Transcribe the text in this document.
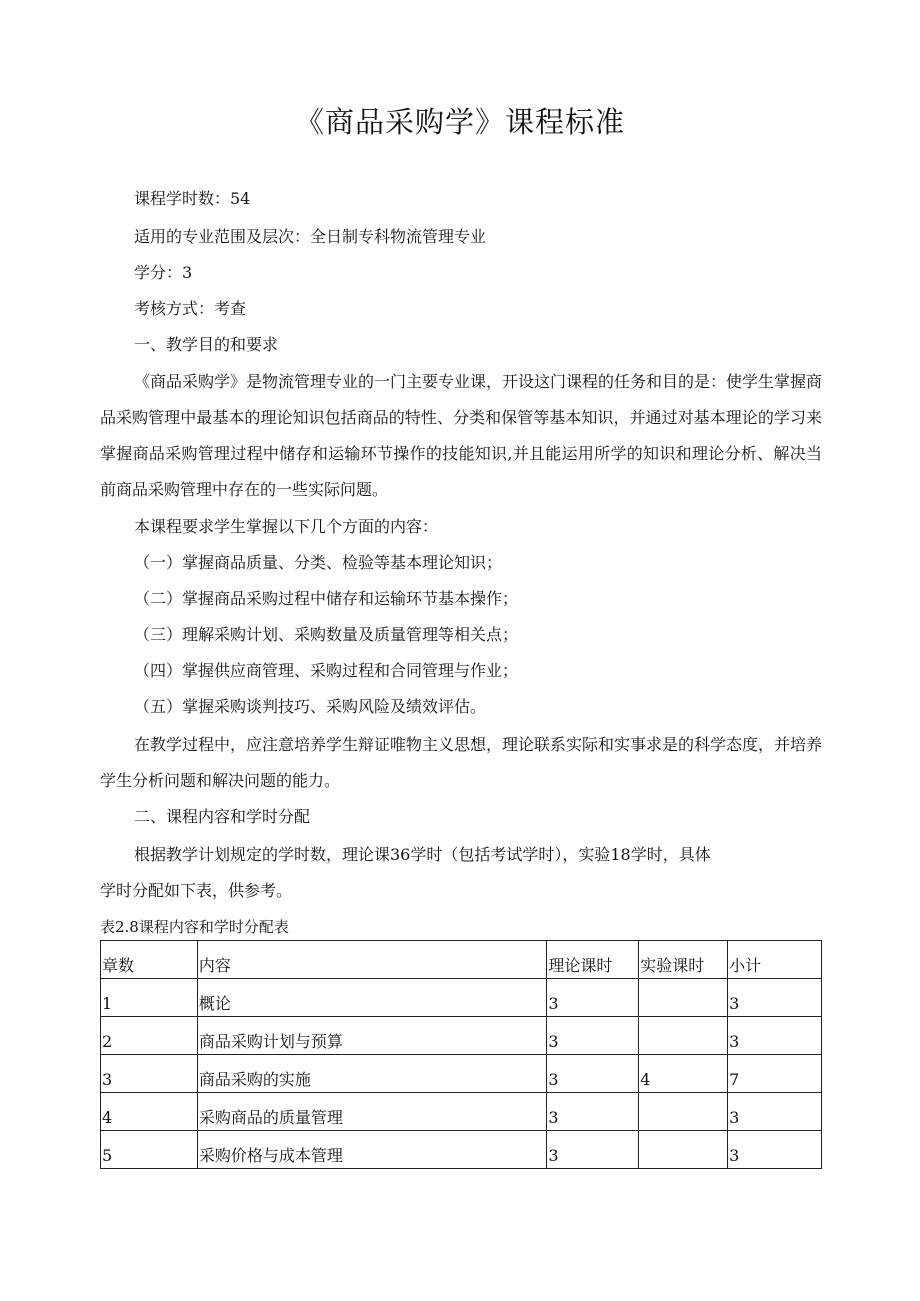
《商品采购学》课程标准
课程学时数：54
适用的专业范围及层次：全日制专科物流管理专业
学分：3
考核方式：考查
一、教学目的和要求
《商品采购学》是物流管理专业的一门主要专业课，开设这门课程的任务和目的是：使学生掌握商品采购管理中最基本的理论知识包括商品的特性、分类和保管等基本知识，并通过对基本理论的学习来掌握商品采购管理过程中储存和运输环节操作的技能知识,并且能运用所学的知识和理论分析、解决当前商品采购管理中存在的一些实际问题。
本课程要求学生掌握以下几个方面的内容：
（一）掌握商品质量、分类、检验等基本理论知识；
（二）掌握商品采购过程中储存和运输环节基本操作；
（三）理解采购计划、采购数量及质量管理等相关点；
（四）掌握供应商管理、采购过程和合同管理与作业；
（五）掌握采购谈判技巧、采购风险及绩效评估。
在教学过程中，应注意培养学生辩证唯物主义思想，理论联系实际和实事求是的科学态度，并培养学生分析问题和解决问题的能力。
二、课程内容和学时分配
根据教学计划规定的学时数，理论课36学时（包括考试学时），实验18学时，具体
学时分配如下表，供参考。
表2.8课程内容和学时分配表
章数	内容	理论课时	实验课时	小计
1	概论	3		3
2	商品采购计划与预算	3		3
3	商品采购的实施	3	4	7
4	采购商品的质量管理	3		3
5	采购价格与成本管理	3		3
